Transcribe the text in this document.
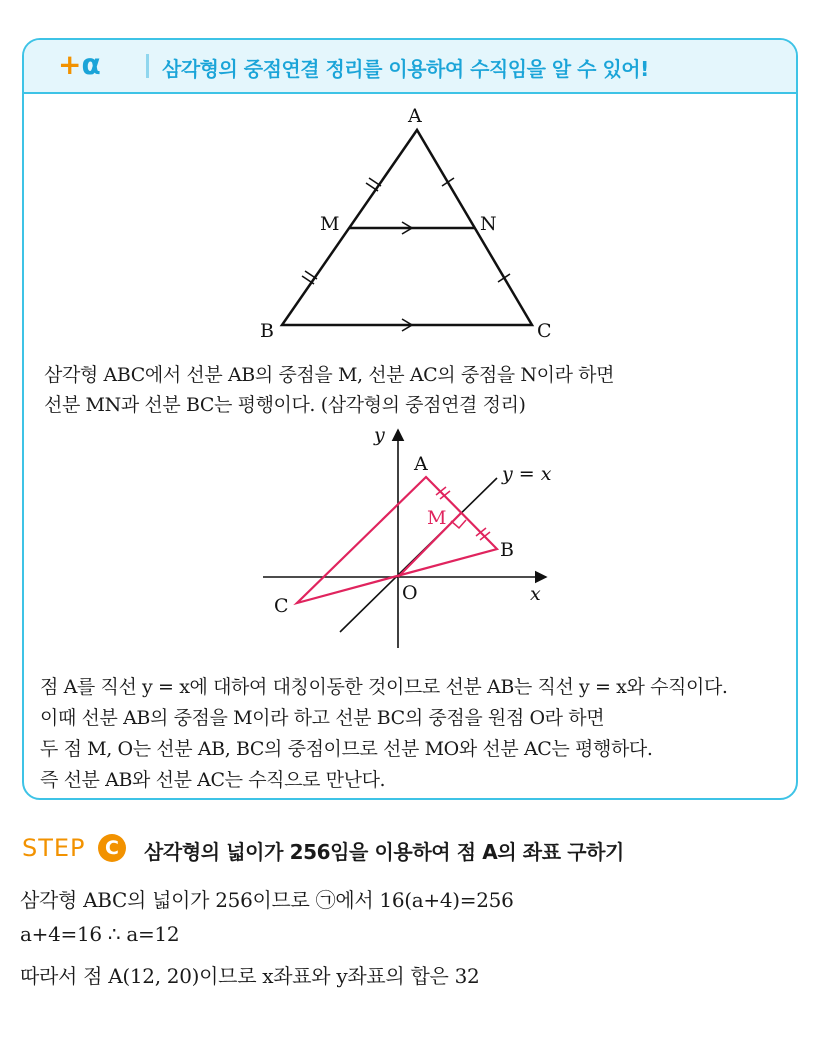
+α	삼각형의 중점연결 정리를 이용하여 수직임을 알 수 있어!
A
M	N
B	C
삼각형 ABC에서 선분 AB의 중점을 M, 선분 AC의 중점을 N이라 하면
선분 MN과 선분 BC는 평행이다. (삼각형의 중점연결 정리)
y
x
y = x
A
B
C
O
M
점 A를 직선 y = x에 대하여 대칭이동한 것이므로 선분 AB는 직선 y = x와 수직이다.
이때 선분 AB의 중점을 M이라 하고 선분 BC의 중점을 원점 O라 하면
두 점 M, O는 선분 AB, BC의 중점이므로 선분 MO와 선분 AC는 평행하다.
즉 선분 AB와 선분 AC는 수직으로 만난다.
STEP	C	삼각형의 넓이가 256임을 이용하여 점 A의 좌표 구하기
삼각형 ABC의 넓이가 256이므로 ㉠에서 16(a+4)=256
a+4=16 ∴ a=12
따라서 점 A(12, 20)이므로 x좌표와 y좌표의 합은 32
